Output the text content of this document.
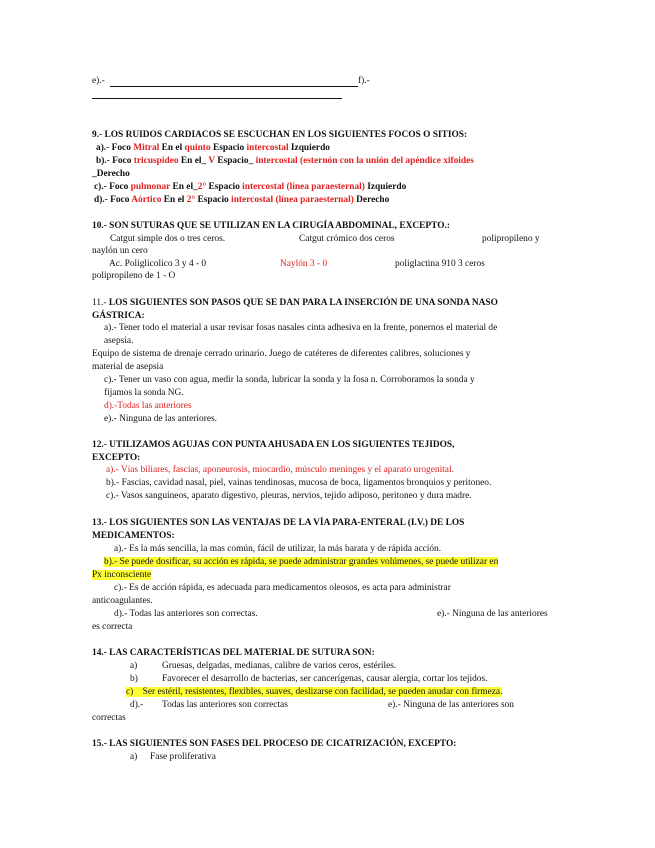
e).-	f).-
9.- LOS RUIDOS CARDIACOS SE ESCUCHAN EN LOS SIGUIENTES FOCOS O SITIOS:
a).- Foco Mitral En el quinto Espacio intercostal Izquierdo
b).- Foco tricuspídeo En el_ V Espacio_ intercostal (esternón con la unión del apéndice xifoides
_Derecho
c).- Foco pulmonar En el_2° Espacio intercostal (línea paraesternal) Izquierdo
d).- Foco Aórtico En el 2° Espacio intercostal (línea paraesternal) Derecho
10.- SON SUTURAS QUE SE UTILIZAN EN LA CIRUGÍA ABDOMINAL, EXCEPTO.:
Catgut simple dos o tres ceros.	Catgut crómico dos ceros	polipropileno y
naylón un cero
Ac. Poliglicolico 3 y 4 - 0	Naylón 3 - 0	poliglactina 910 3 ceros
polipropileno de 1 - O
11.- LOS SIGUIENTES SON PASOS QUE SE DAN PARA LA INSERCIÓN DE UNA SONDA NASO
GÁSTRICA:
a).- Tener todo el material a usar revisar fosas nasales cinta adhesiva en la frente, ponernos el material de
asepsia.
Equipo de sistema de drenaje cerrado urinario. Juego de catéteres de diferentes calibres, soluciones y
material de asepsia
c).- Tener un vaso con agua, medir la sonda, lubricar la sonda y la fosa n. Corroboramos la sonda y
fijamos la sonda NG.
d).-Todas las anteriores
e).- Ninguna de las anteriores.
12.- UTILIZAMOS AGUJAS CON PUNTA AHUSADA EN LOS SIGUIENTES TEJIDOS,
EXCEPTO:
a).- Vías biliares, fascias, aponeurosis, miocardio, músculo meninges y el aparato urogenital.
b).- Fascias, cavidad nasal, piel, vainas tendinosas, mucosa de boca, ligamentos bronquios y peritoneo.
c).- Vasos sanguíneos, aparato digestivo, pleuras, nervios, tejido adiposo, peritoneo y dura madre.
13.- LOS SIGUIENTES SON LAS VENTAJAS DE LA VÍA PARA-ENTERAL (I.V.) DE LOS
MEDICAMENTOS:
a).- Es la más sencilla, la mas común, fácil de utilizar, la más barata y de rápida acción.
b).- Se puede dosificar, su acción es rápida, se puede administrar grandes volúmenes, se puede utilizar en
Px inconsciente
c).- Es de acción rápida, es adecuada para medicamentos oleosos, es acta para administrar
anticoagulantes.
d).- Todas las anteriores son correctas.	e).- Ninguna de las anteriores
es correcta
14.- LAS CARACTERÍSTICAS DEL MATERIAL DE SUTURA SON:
a)	Gruesas, delgadas, medianas, calibre de varios ceros, estériles.
b)	Favorecer el desarrollo de bacterias, ser cancerígenas, causar alergia, cortar los tejidos.
c) Ser estéril, resistentes, flexibles, suaves, deslizarse con facilidad, se pueden anudar con firmeza.
d).- Todas las anteriores son correctas	e).- Ninguna de las anteriores son
correctas
15.- LAS SIGUIENTES SON FASES DEL PROCESO DE CICATRIZACIÓN, EXCEPTO:
a) Fase proliferativa
